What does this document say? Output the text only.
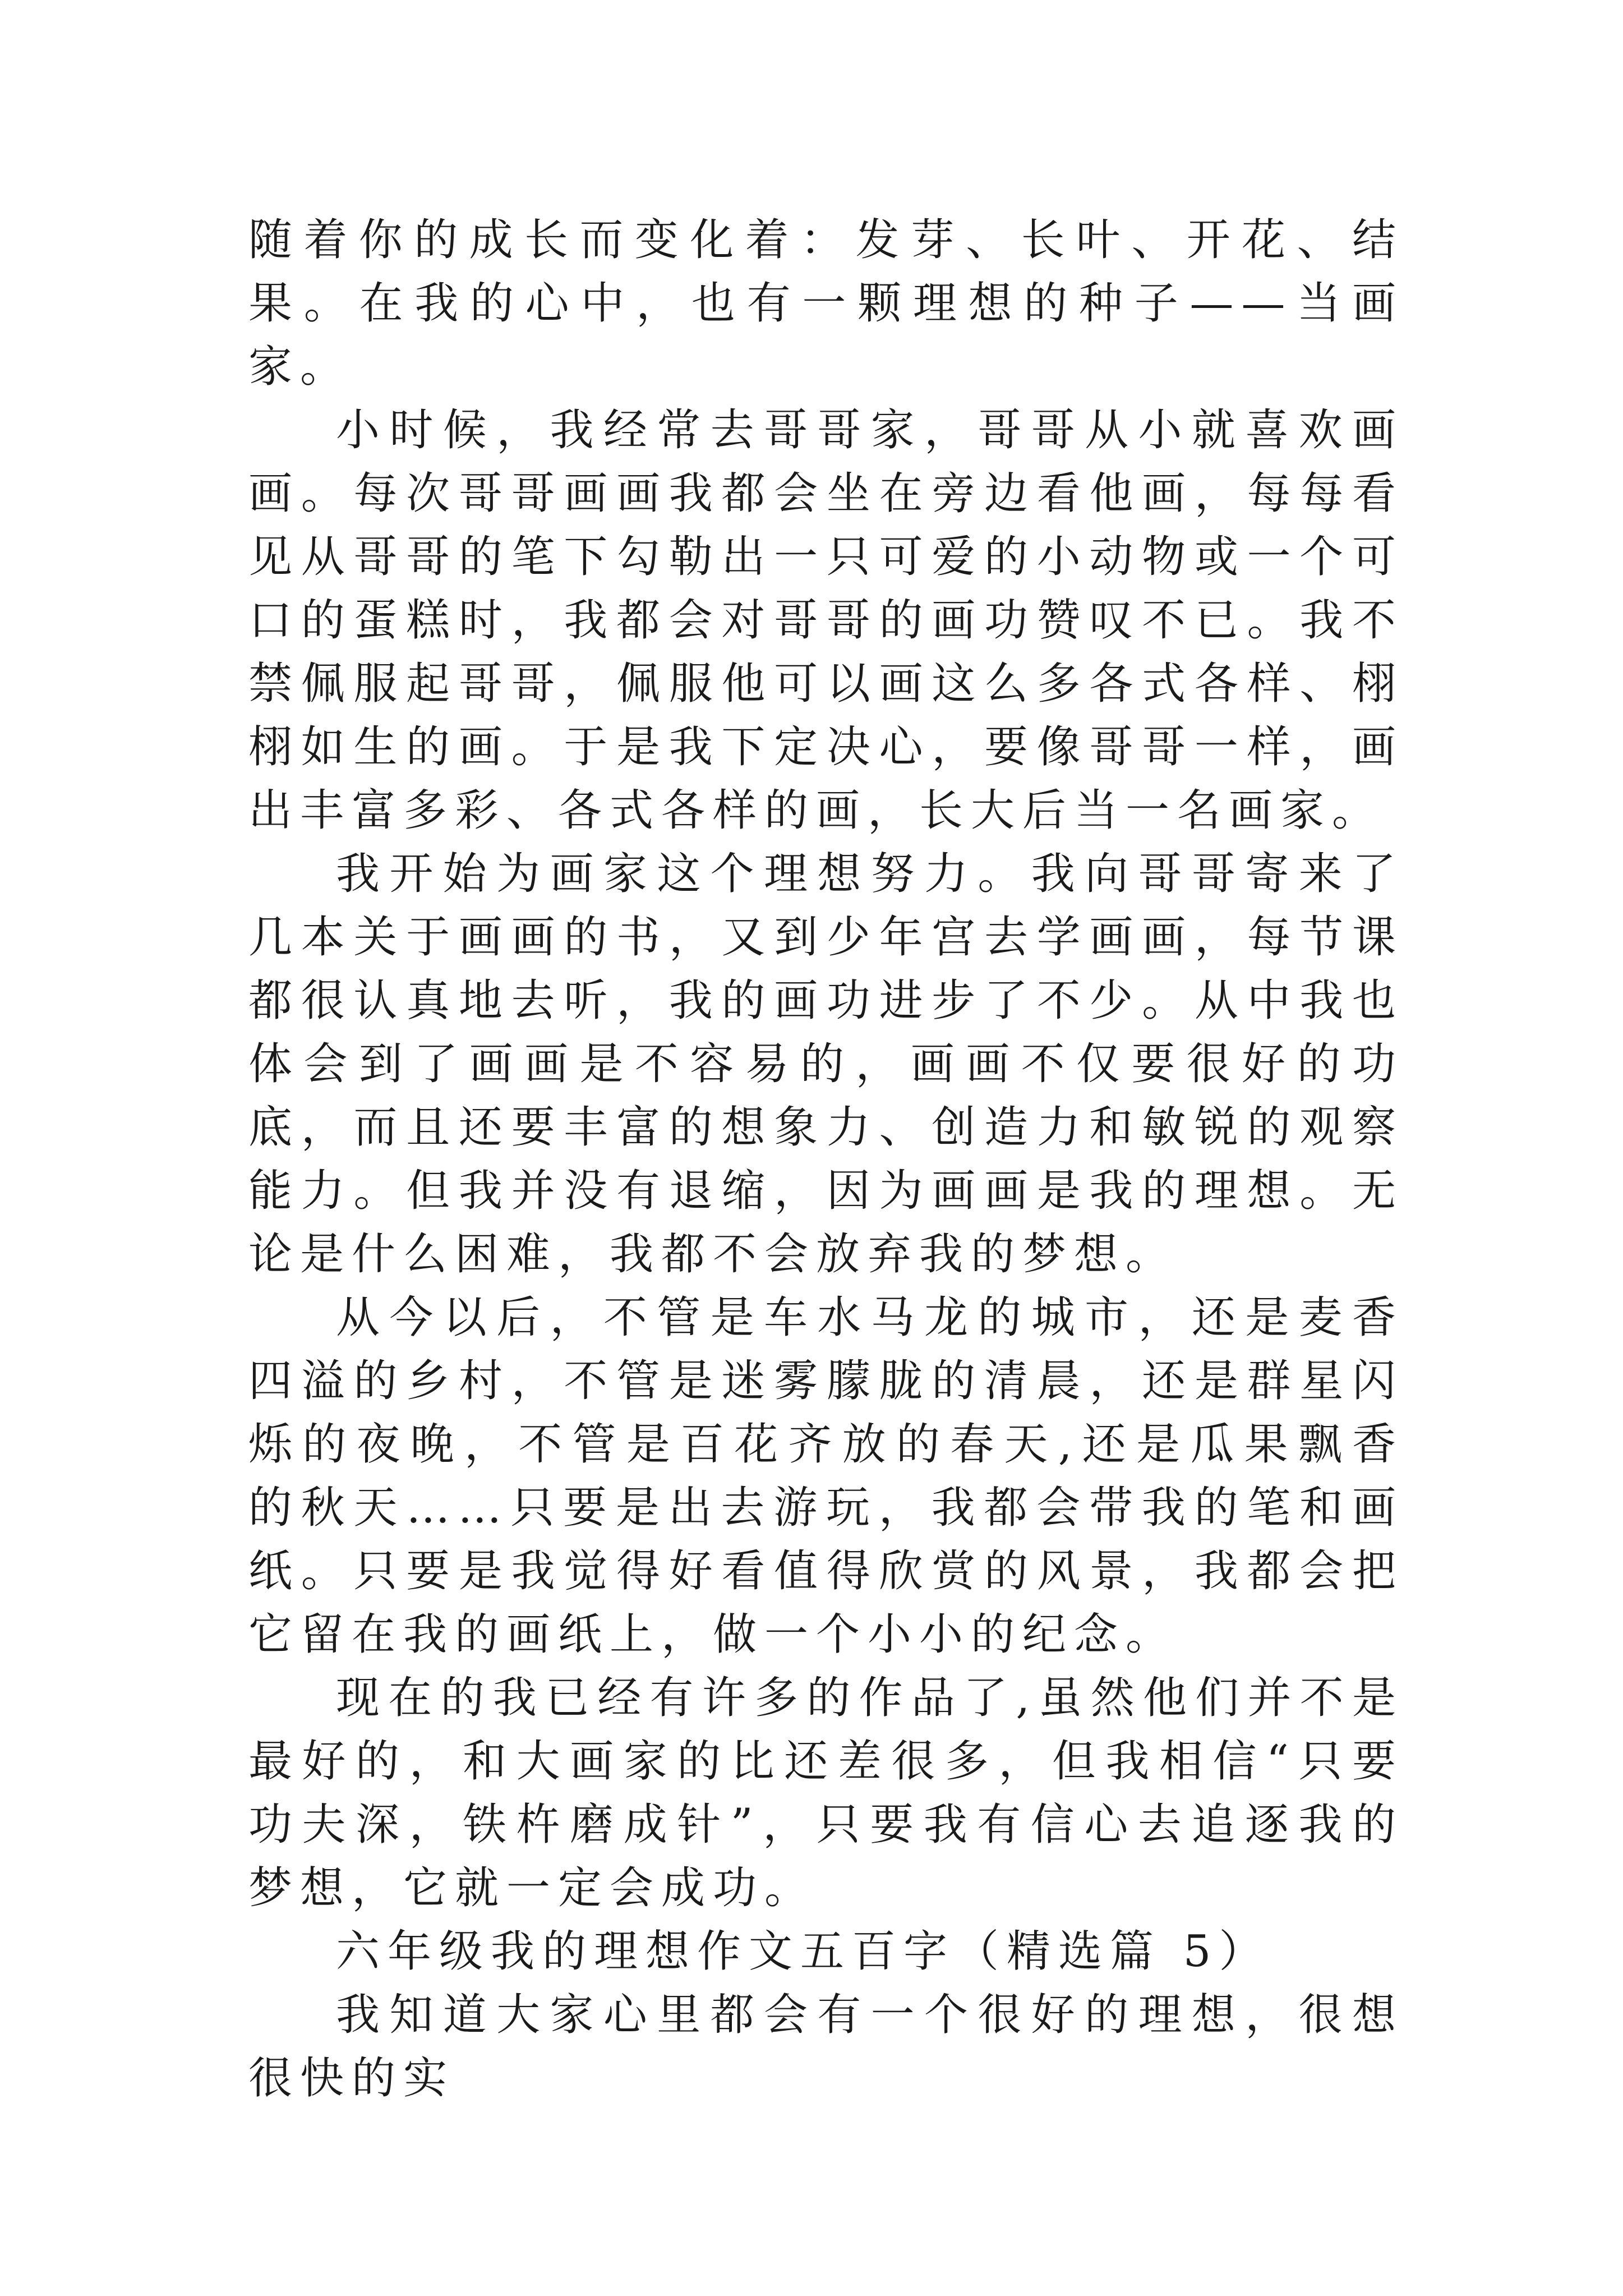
随着你的成长而变化着：发芽、长叶、开花、结果。在我的心中，也有一颗理想的种子——当画家。

小时候，我经常去哥哥家，哥哥从小就喜欢画画。每次哥哥画画我都会坐在旁边看他画，每每看见从哥哥的笔下勾勒出一只可爱的小动物或一个可口的蛋糕时，我都会对哥哥的画功赞叹不已。我不禁佩服起哥哥，佩服他可以画这么多各式各样、栩栩如生的画。于是我下定决心，要像哥哥一样，画出丰富多彩、各式各样的画，长大后当一名画家。

我开始为画家这个理想努力。我向哥哥寄来了几本关于画画的书，又到少年宫去学画画，每节课都很认真地去听，我的画功进步了不少。从中我也体会到了画画是不容易的，画画不仅要很好的功底，而且还要丰富的想象力、创造力和敏锐的观察能力。但我并没有退缩，因为画画是我的理想。无论是什么困难，我都不会放弃我的梦想。

从今以后，不管是车水马龙的城市，还是麦香四溢的乡村，不管是迷雾朦胧的清晨，还是群星闪烁的夜晚，不管是百花齐放的春天,还是瓜果飘香的秋天……只要是出去游玩，我都会带我的笔和画纸。只要是我觉得好看值得欣赏的风景，我都会把它留在我的画纸上，做一个小小的纪念。

现在的我已经有许多的作品了,虽然他们并不是最好的，和大画家的比还差很多，但我相信“只要功夫深，铁杵磨成针”，只要我有信心去追逐我的梦想，它就一定会成功。

六年级我的理想作文五百字（精选篇 5）

我知道大家心里都会有一个很好的理想，很想很快的实
